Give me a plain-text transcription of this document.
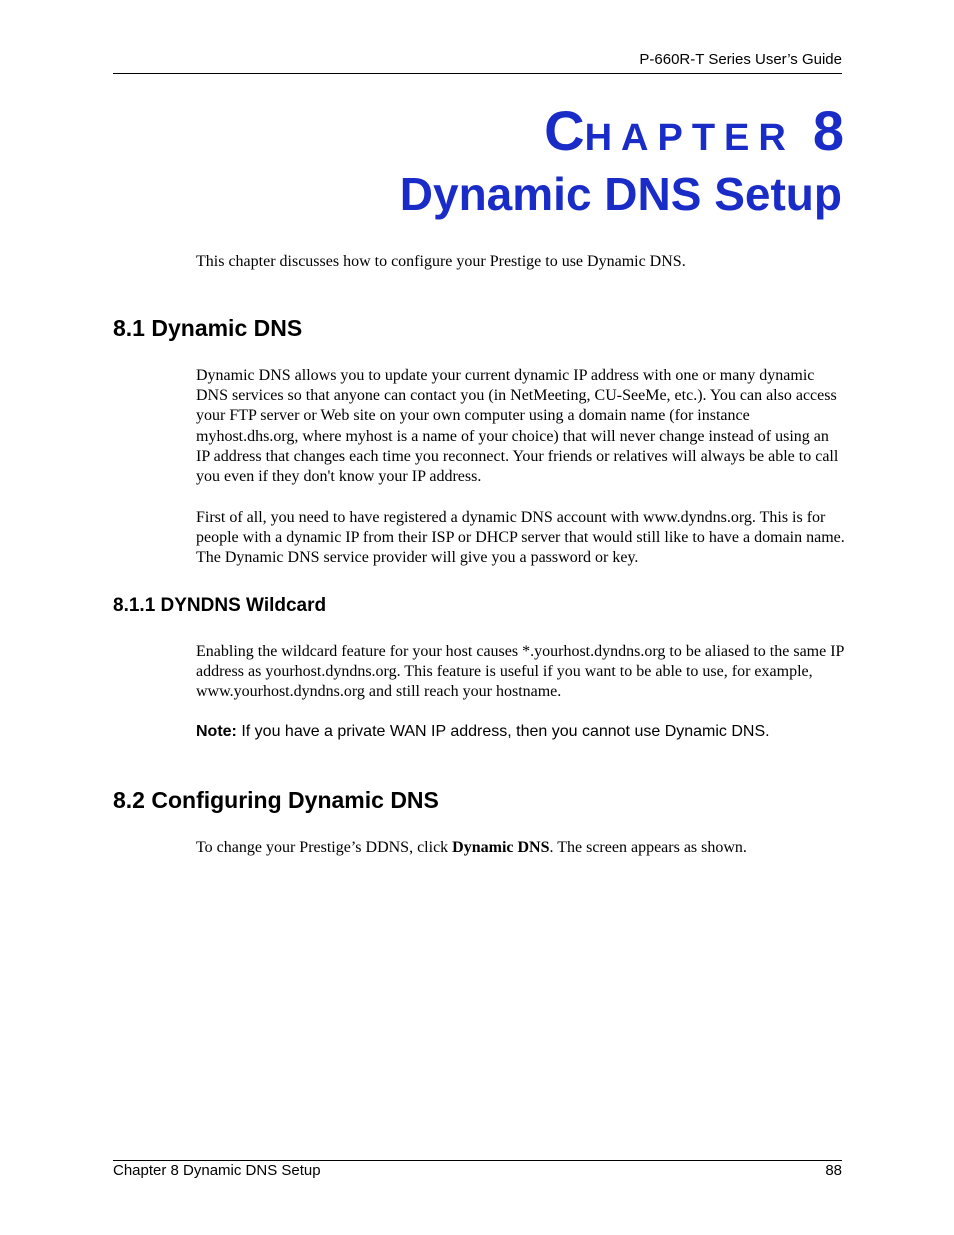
P-660R-T Series User’s Guide
CHAPTER 8
Dynamic DNS Setup

This chapter discusses how to configure your Prestige to use Dynamic DNS.

8.1 Dynamic DNS

Dynamic DNS allows you to update your current dynamic IP address with one or many dynamic DNS services so that anyone can contact you (in NetMeeting, CU-SeeMe, etc.). You can also access your FTP server or Web site on your own computer using a domain name (for instance myhost.dhs.org, where myhost is a name of your choice) that will never change instead of using an IP address that changes each time you reconnect. Your friends or relatives will always be able to call you even if they don't know your IP address.

First of all, you need to have registered a dynamic DNS account with www.dyndns.org. This is for people with a dynamic IP from their ISP or DHCP server that would still like to have a domain name. The Dynamic DNS service provider will give you a password or key.

8.1.1 DYNDNS Wildcard

Enabling the wildcard feature for your host causes *.yourhost.dyndns.org to be aliased to the same IP address as yourhost.dyndns.org. This feature is useful if you want to be able to use, for example, www.yourhost.dyndns.org and still reach your hostname.

Note: If you have a private WAN IP address, then you cannot use Dynamic DNS.
8.2 Configuring Dynamic DNS

To change your Prestige’s DDNS, click Dynamic DNS. The screen appears as shown.

Chapter 8 Dynamic DNS Setup	88
